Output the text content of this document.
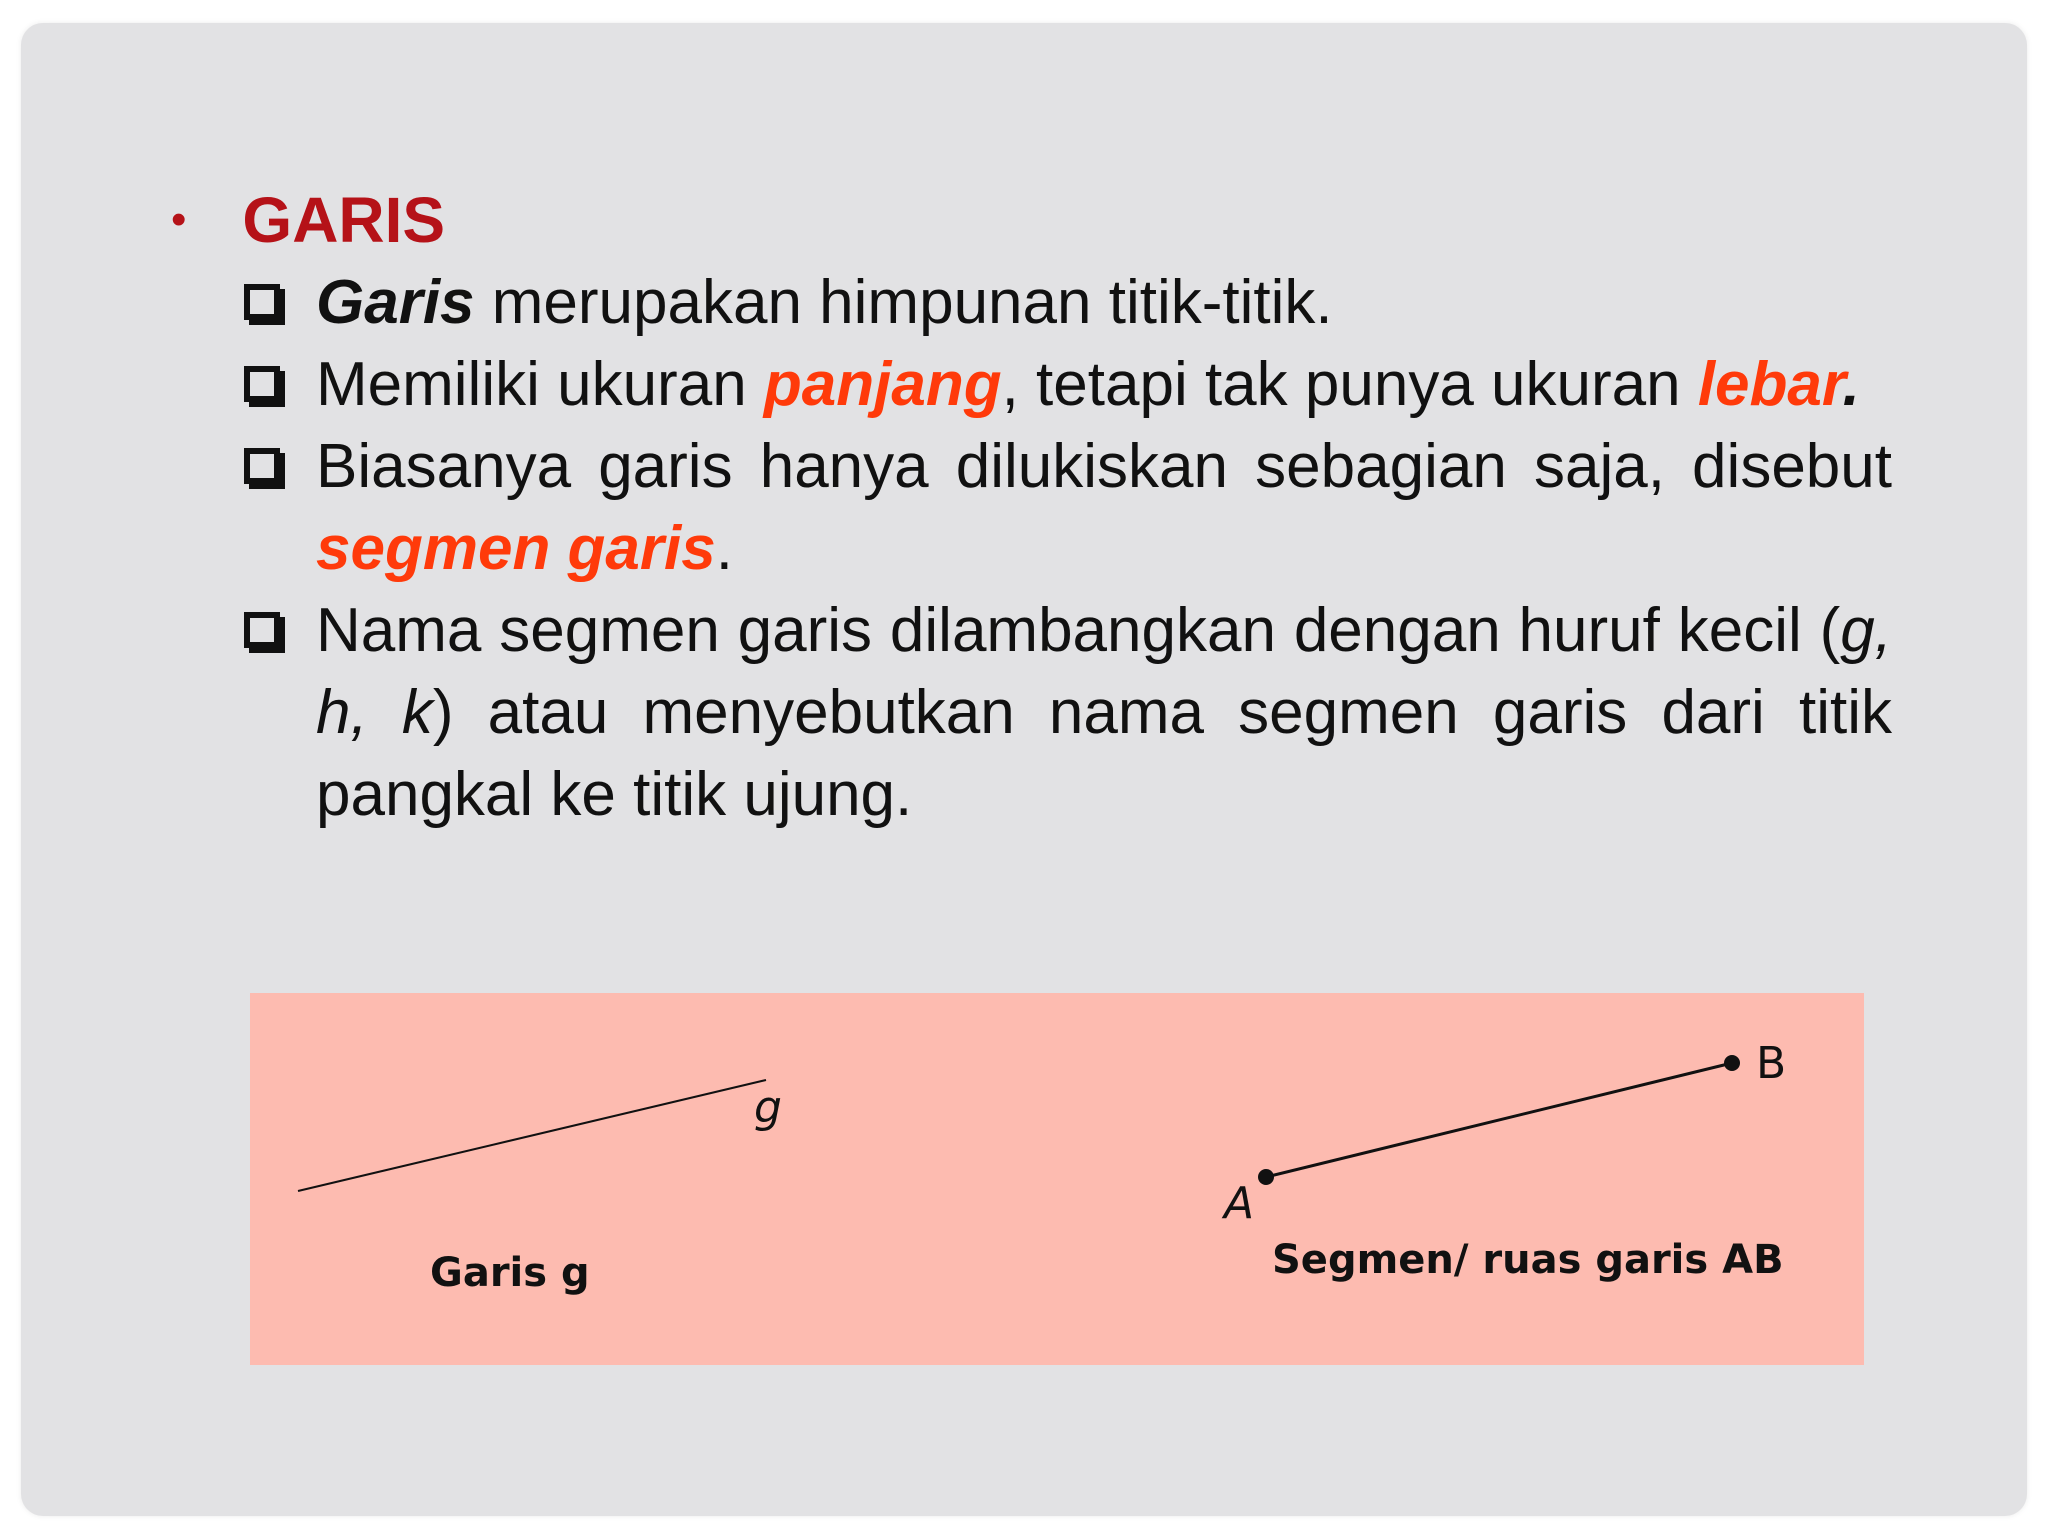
• GARIS
Garis merupakan himpunan titik-titik.
Memiliki ukuran panjang, tetapi tak punya ukuran lebar.
Biasanya garis hanya dilukiskan sebagian saja, disebut segmen garis.
Nama segmen garis dilambangkan dengan huruf kecil (g, h, k) atau menyebutkan nama segmen garis dari titik pangkal ke titik ujung.
g
Garis g
A
B
Segmen/ ruas garis AB
